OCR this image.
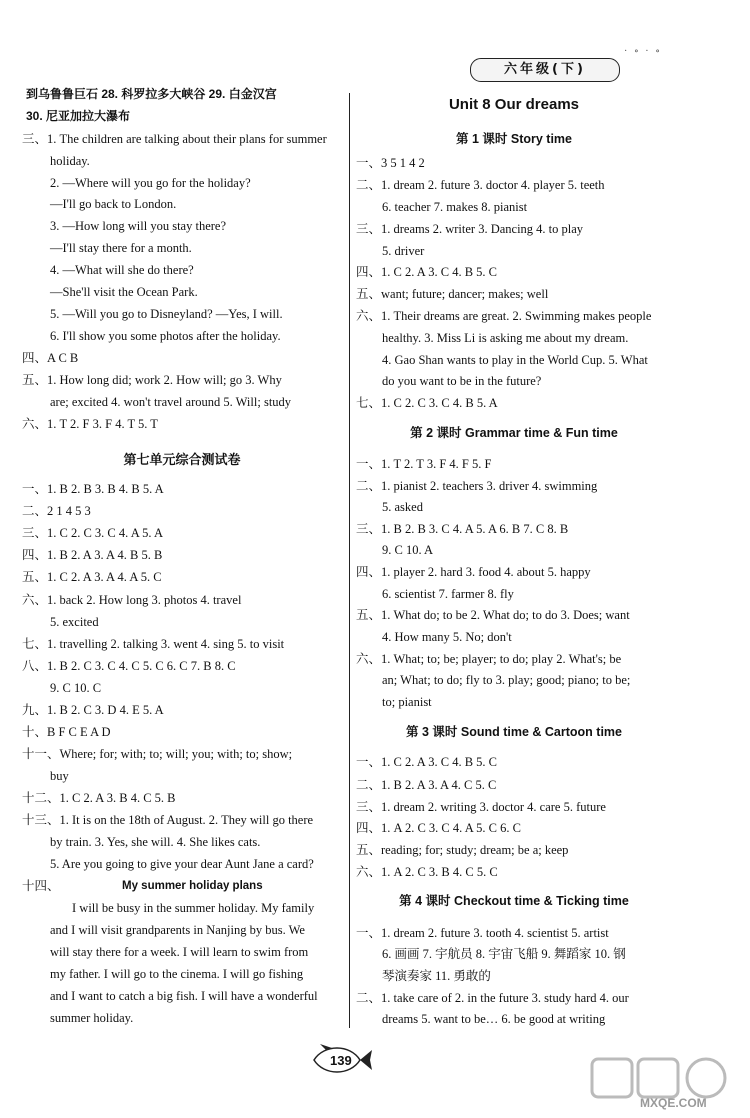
六年级(下)
· ∘ · ∘
到乌鲁鲁巨石 28. 科罗拉多大峡谷 29. 白金汉宫
30. 尼亚加拉大瀑布
三、1. The children are talking about their plans for summer
holiday.
2. —Where will you go for the holiday?
—I'll go back to London.
3. —How long will you stay there?
—I'll stay there for a month.
4. —What will she do there?
—She'll visit the Ocean Park.
5. —Will you go to Disneyland? —Yes, I will.
6. I'll show you some photos after the holiday.
四、A C B
五、1. How long did; work 2. How will; go 3. Why
are; excited 4. won't travel around 5. Will; study
六、1. T 2. F 3. F 4. T 5. T
第七单元综合测试卷
一、1. B 2. B 3. B 4. B 5. A
二、2 1 4 5 3
三、1. C 2. C 3. C 4. A 5. A
四、1. B 2. A 3. A 4. B 5. B
五、1. C 2. A 3. A 4. A 5. C
六、1. back 2. How long 3. photos 4. travel
5. excited
七、1. travelling 2. talking 3. went 4. sing 5. to visit
八、1. B 2. C 3. C 4. C 5. C 6. C 7. B 8. C
9. C 10. C
九、1. B 2. C 3. D 4. E 5. A
十、B F C E A D
十一、Where; for; with; to; will; you; with; to; show;
buy
十二、1. C 2. A 3. B 4. C 5. B
十三、1. It is on the 18th of August. 2. They will go there
by train. 3. Yes, she will. 4. She likes cats.
5. Are you going to give your dear Aunt Jane a card?
十四、	My summer holiday plans
I will be busy in the summer holiday. My family
and I will visit grandparents in Nanjing by bus. We
will stay there for a week. I will learn to swim from
my father. I will go to the cinema. I will go fishing
and I want to catch a big fish. I will have a wonderful
summer holiday.
Unit 8 Our dreams
第 1 课时 Story time
一、3 5 1 4 2
二、1. dream 2. future 3. doctor 4. player 5. teeth
6. teacher 7. makes 8. pianist
三、1. dreams 2. writer 3. Dancing 4. to play
5. driver
四、1. C 2. A 3. C 4. B 5. C
五、want; future; dancer; makes; well
六、1. Their dreams are great. 2. Swimming makes people
healthy. 3. Miss Li is asking me about my dream.
4. Gao Shan wants to play in the World Cup. 5. What
do you want to be in the future?
七、1. C 2. C 3. C 4. B 5. A
第 2 课时 Grammar time & Fun time
一、1. T 2. T 3. F 4. F 5. F
二、1. pianist 2. teachers 3. driver 4. swimming
5. asked
三、1. B 2. B 3. C 4. A 5. A 6. B 7. C 8. B
9. C 10. A
四、1. player 2. hard 3. food 4. about 5. happy
6. scientist 7. farmer 8. fly
五、1. What do; to be 2. What do; to do 3. Does; want
4. How many 5. No; don't
六、1. What; to; be; player; to do; play 2. What's; be
an; What; to do; fly to 3. play; good; piano; to be;
to; pianist
第 3 课时 Sound time & Cartoon time
一、1. C 2. A 3. C 4. B 5. C
二、1. B 2. A 3. A 4. C 5. C
三、1. dream 2. writing 3. doctor 4. care 5. future
四、1. A 2. C 3. C 4. A 5. C 6. C
五、reading; for; study; dream; be a; keep
六、1. A 2. C 3. B 4. C 5. C
第 4 课时 Checkout time & Ticking time
一、1. dream 2. future 3. tooth 4. scientist 5. artist
6. 画画 7. 宇航员 8. 宇宙飞船 9. 舞蹈家 10. 钢
琴演奏家 11. 勇敢的
二、1. take care of 2. in the future 3. study hard 4. our
dreams 5. want to be… 6. be good at writing
139
MXQE.COM
